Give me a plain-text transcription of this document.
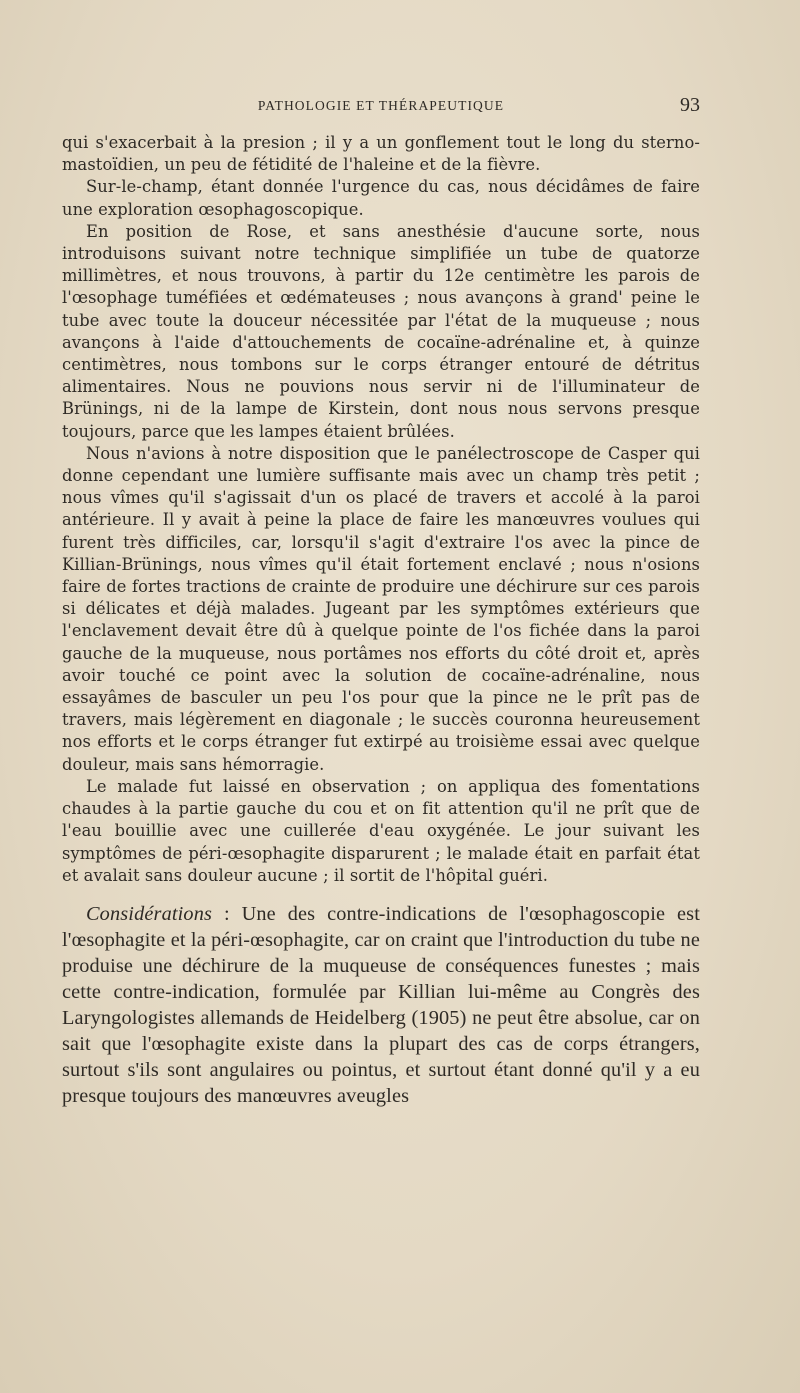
PATHOLOGIE ET THÉRAPEUTIQUE	93

qui s'exacerbait à la presion ; il y a un gonflement tout le long du sterno-mastoïdien, un peu de fétidité de l'haleine et de la fièvre.

Sur-le-champ, étant donnée l'urgence du cas, nous décidâmes de faire une exploration œsophagoscopique.

En position de Rose, et sans anesthésie d'aucune sorte, nous introduisons suivant notre technique simplifiée un tube de quatorze millimètres, et nous trouvons, à partir du 12e centimètre les parois de l'œsophage tuméfiées et œdémateuses ; nous avançons à grand' peine le tube avec toute la douceur nécessitée par l'état de la muqueuse ; nous avançons à l'aide d'attouchements de cocaïne-adrénaline et, à quinze centimètres, nous tombons sur le corps étranger entouré de détritus alimentaires. Nous ne pouvions nous servir ni de l'illuminateur de Brünings, ni de la lampe de Kirstein, dont nous nous servons presque toujours, parce que les lampes étaient brûlées.

Nous n'avions à notre disposition que le panélectroscope de Casper qui donne cependant une lumière suffisante mais avec un champ très petit ; nous vîmes qu'il s'agissait d'un os placé de travers et accolé à la paroi antérieure. Il y avait à peine la place de faire les manœuvres voulues qui furent très difficiles, car, lorsqu'il s'agit d'extraire l'os avec la pince de Killian-Brünings, nous vîmes qu'il était fortement enclavé ; nous n'osions faire de fortes tractions de crainte de produire une déchirure sur ces parois si délicates et déjà malades. Jugeant par les symptômes extérieurs que l'enclavement devait être dû à quelque pointe de l'os fichée dans la paroi gauche de la muqueuse, nous portâmes nos efforts du côté droit et, après avoir touché ce point avec la solution de cocaïne-adrénaline, nous essayâmes de basculer un peu l'os pour que la pince ne le prît pas de travers, mais légèrement en diagonale ; le succès couronna heureusement nos efforts et le corps étranger fut extirpé au troisième essai avec quelque douleur, mais sans hémorragie.

Le malade fut laissé en observation ; on appliqua des fomentations chaudes à la partie gauche du cou et on fit attention qu'il ne prît que de l'eau bouillie avec une cuillerée d'eau oxygénée. Le jour suivant les symptômes de péri-œsophagite disparurent ; le malade était en parfait état et avalait sans douleur aucune ; il sortit de l'hôpital guéri.

Considérations : Une des contre-indications de l'œsophagoscopie est l'œsophagite et la péri-œsophagite, car on craint que l'introduction du tube ne produise une déchirure de la muqueuse de conséquences funestes ; mais cette contre-indication, formulée par Killian lui-même au Congrès des Laryngologistes allemands de Heidelberg (1905) ne peut être absolue, car on sait que l'œsophagite existe dans la plupart des cas de corps étrangers, surtout s'ils sont angulaires ou pointus, et surtout étant donné qu'il y a eu presque toujours des manœuvres aveugles
